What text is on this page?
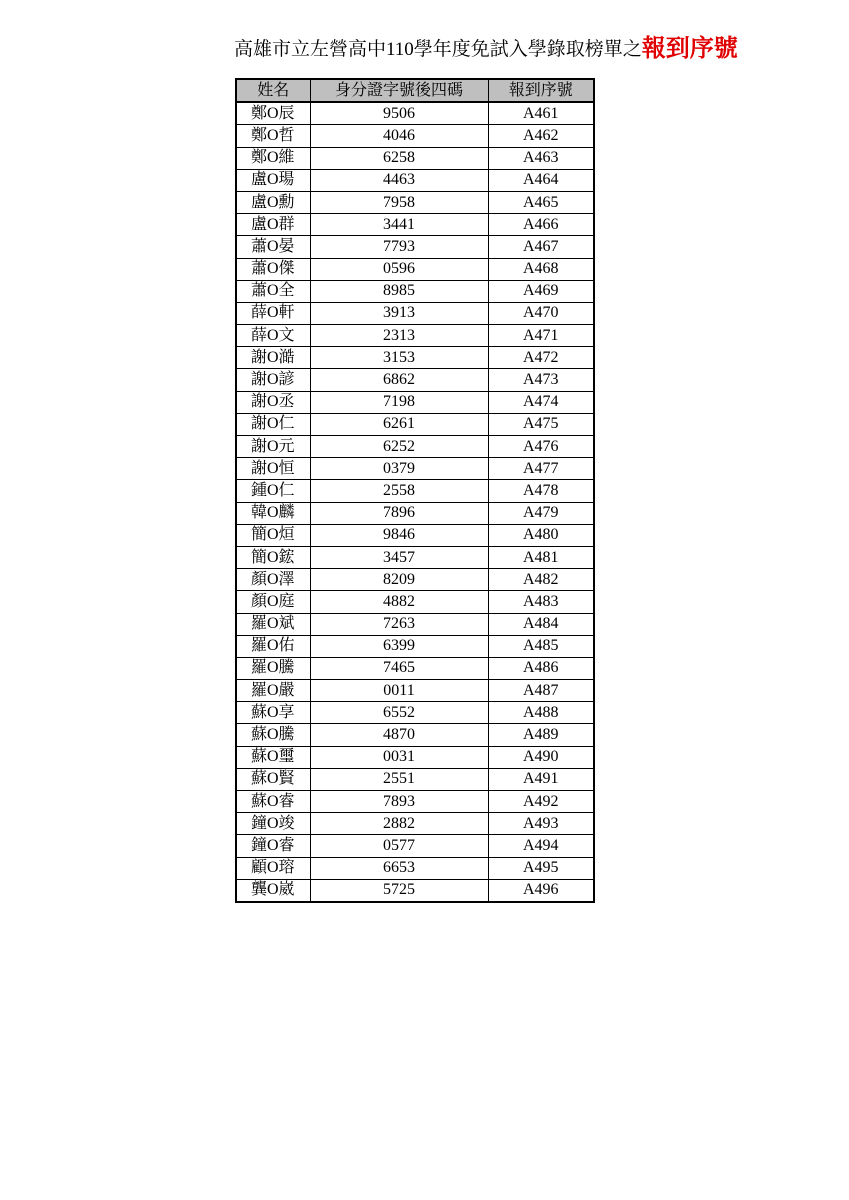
高雄市立左營高中110學年度免試入學錄取榜單之報到序號
姓名	身分證字號後四碼	報到序號
鄭O辰	9506	A461
鄭O哲	4046	A462
鄭O維	6258	A463
盧O瑒	4463	A464
盧O勳	7958	A465
盧O群	3441	A466
蕭O晏	7793	A467
蕭O傑	0596	A468
蕭O全	8985	A469
薛O軒	3913	A470
薛O文	2313	A471
謝O澔	3153	A472
謝O諺	6862	A473
謝O丞	7198	A474
謝O仁	6261	A475
謝O元	6252	A476
謝O恒	0379	A477
鍾O仁	2558	A478
韓O麟	7896	A479
簡O烜	9846	A480
簡O鋐	3457	A481
顏O澤	8209	A482
顏O庭	4882	A483
羅O斌	7263	A484
羅O佑	6399	A485
羅O騰	7465	A486
羅O嚴	0011	A487
蘇O享	6552	A488
蘇O騰	4870	A489
蘇O璽	0031	A490
蘇O賢	2551	A491
蘇O睿	7893	A492
鐘O竣	2882	A493
鐘O睿	0577	A494
顧O瑢	6653	A495
龔O崴	5725	A496
